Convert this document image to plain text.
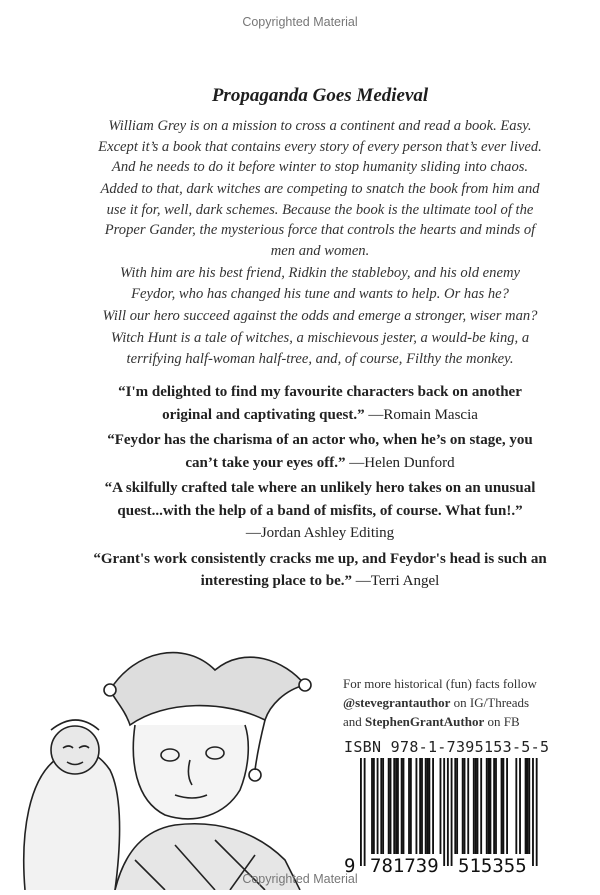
Copyrighted Material
Propaganda Goes Medieval

William Grey is on a mission to cross a continent and read a book. Easy.
Except it’s a book that contains every story of every person that’s ever lived.
And he needs to do it before winter to stop humanity sliding into chaos.

Added to that, dark witches are competing to snatch the book from him and
use it for, well, dark schemes. Because the book is the ultimate tool of the
Proper Gander, the mysterious force that controls the hearts and minds of
men and women.

With him are his best friend, Ridkin the stableboy, and his old enemy
Feydor, who has changed his tune and wants to help. Or has he?

Will our hero succeed against the odds and emerge a stronger, wiser man?

Witch Hunt is a tale of witches, a mischievous jester, a would-be king, a
terrifying half-woman half-tree, and, of course, Filthy the monkey.

“I'm delighted to find my favourite characters back on another
original and captivating quest.” —Romain Mascia

“Feydor has the charisma of an actor who, when he’s on stage, you
can’t take your eyes off.” —Helen Dunford

“A skilfully crafted tale where an unlikely hero takes on an unusual
quest...with the help of a band of misfits, of course. What fun!.”
—Jordan Ashley Editing

“Grant's work consistently cracks me up, and Feydor's head is such an
interesting place to be.” —Terri Angel

For more historical (fun) facts follow
@stevegrantauthor on IG/Threads
and StephenGrantAuthor on FB
ISBN 978-1-7395153-5-5
9 781739 515355
Copyrighted Material
